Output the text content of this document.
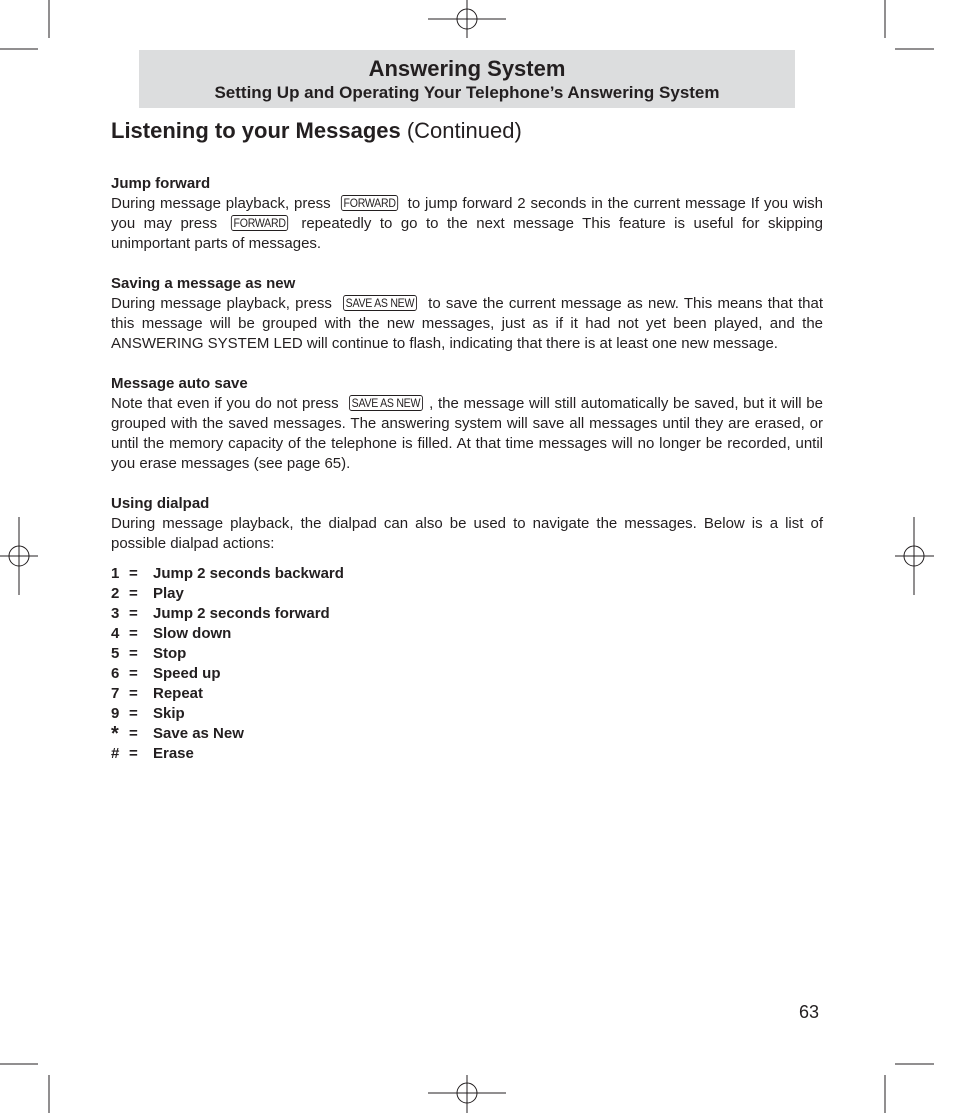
Answering System
Setting Up and Operating Your Telephone’s Answering System
Listening to your Messages (Continued)

Jump forward

During message playback, press FORWARD to jump forward 2 seconds in the current message If you wish you may press FORWARD repeatedly to go to the next message This feature is useful for skipping unimportant parts of messages.

Saving a message as new

During message playback, press SAVE AS NEW to save the current message as new. This means that that this message will be grouped with the new messages, just as if it had not yet been played, and the ANSWERING SYSTEM LED will continue to flash, indicating that there is at least one new message.

Message auto save

Note that even if you do not press SAVE AS NEW , the message will still automatically be saved, but it will be grouped with the saved messages. The answering system will save all messages until they are erased, or until the memory capacity of the telephone is filled. At that time messages will no longer be recorded, until you erase messages (see page 65).

Using dialpad

During message playback, the dialpad can also be used to navigate the messages. Below is a list of possible dialpad actions:

1 =	Jump 2 seconds backward
2 =	Play
3 =	Jump 2 seconds forward
4 =	Slow down
5 =	Stop
6 =	Speed up
7 =	Repeat
9 =	Skip
* =	Save as New
# =	Erase
63
